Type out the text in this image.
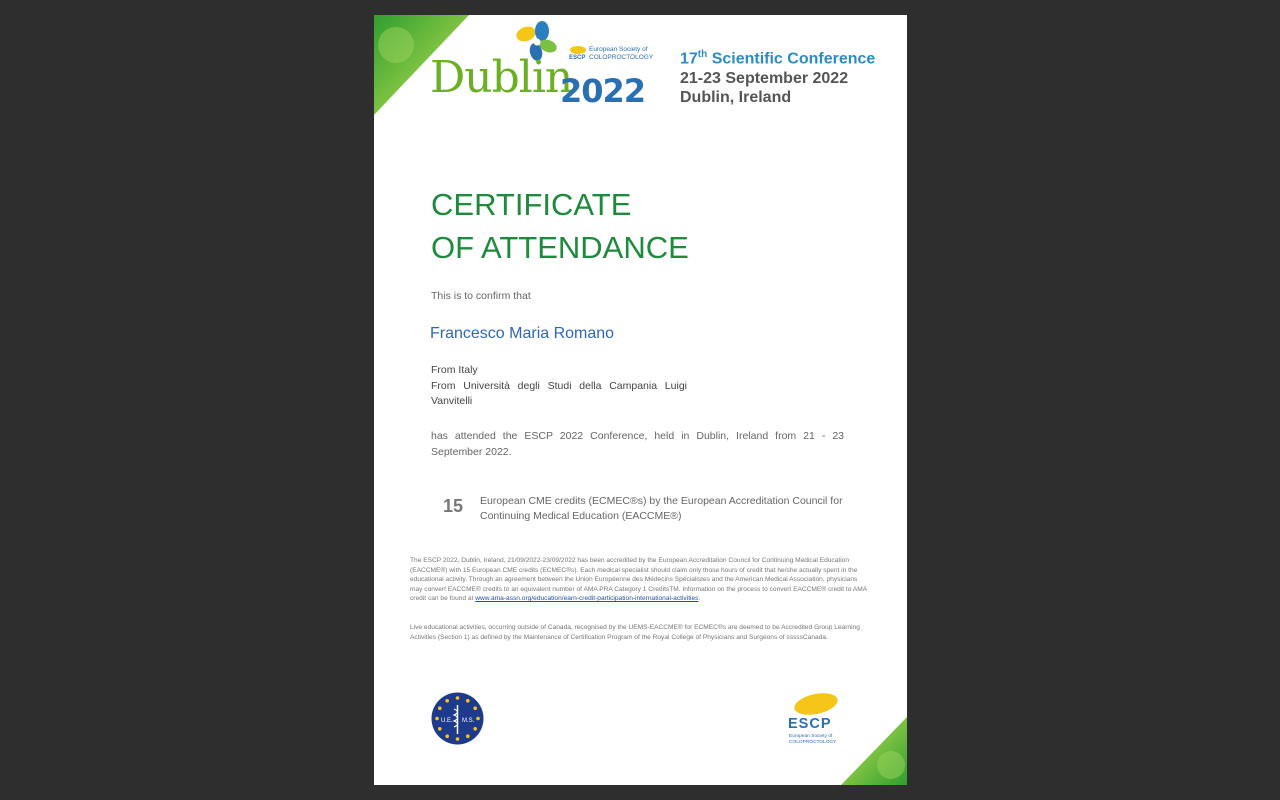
Dublin
2022
ESCP
European Society of
COLOPROCTOLOGY 17th Scientific Conference
21-23 September 2022
Dublin, Ireland
CERTIFICATE
OF ATTENDANCE
This is to confirm that
Francesco Maria Romano
From Italy
From Università degli Studi della Campania Luigi
Vanvitelli
has attended the ESCP 2022 Conference, held in Dublin, Ireland from 21 - 23 September 2022.
15 European CME credits (ECMEC®s) by the European Accreditation Council for Continuing Medical Education (EACCME®)
The ESCP 2022, Dublin, Ireland, 21/09/2022-23/09/2022 has been accredited by the European Accreditation Council for Continuing Medical Education (EACCME®) with 15 European CME credits (ECMEC®s). Each medical specialist should claim only those hours of credit that he/she actually spent in the educational activity. Through an agreement between the Union Européenne des Médecins Spécialistes and the American Medical Association, physicians may convert EACCME® credits to an equivalent number of AMA PRA Category 1 CreditsTM. Information on the process to convert EACCME® credit to AMA credit can be found at www.ama-assn.org/education/earn-credit-participation-international-activities.
Live educational activities, occurring outside of Canada, recognised by the UEMS-EACCME® for ECMEC®s are deemed to be Accredited Group Learning Activities (Section 1) as defined by the Maintenance of Certification Program of the Royal College of Physicians and Surgeons of sssssCanada.
U.E. M.S.	ESCP
European Society of
COLOPROCTOLOGY
